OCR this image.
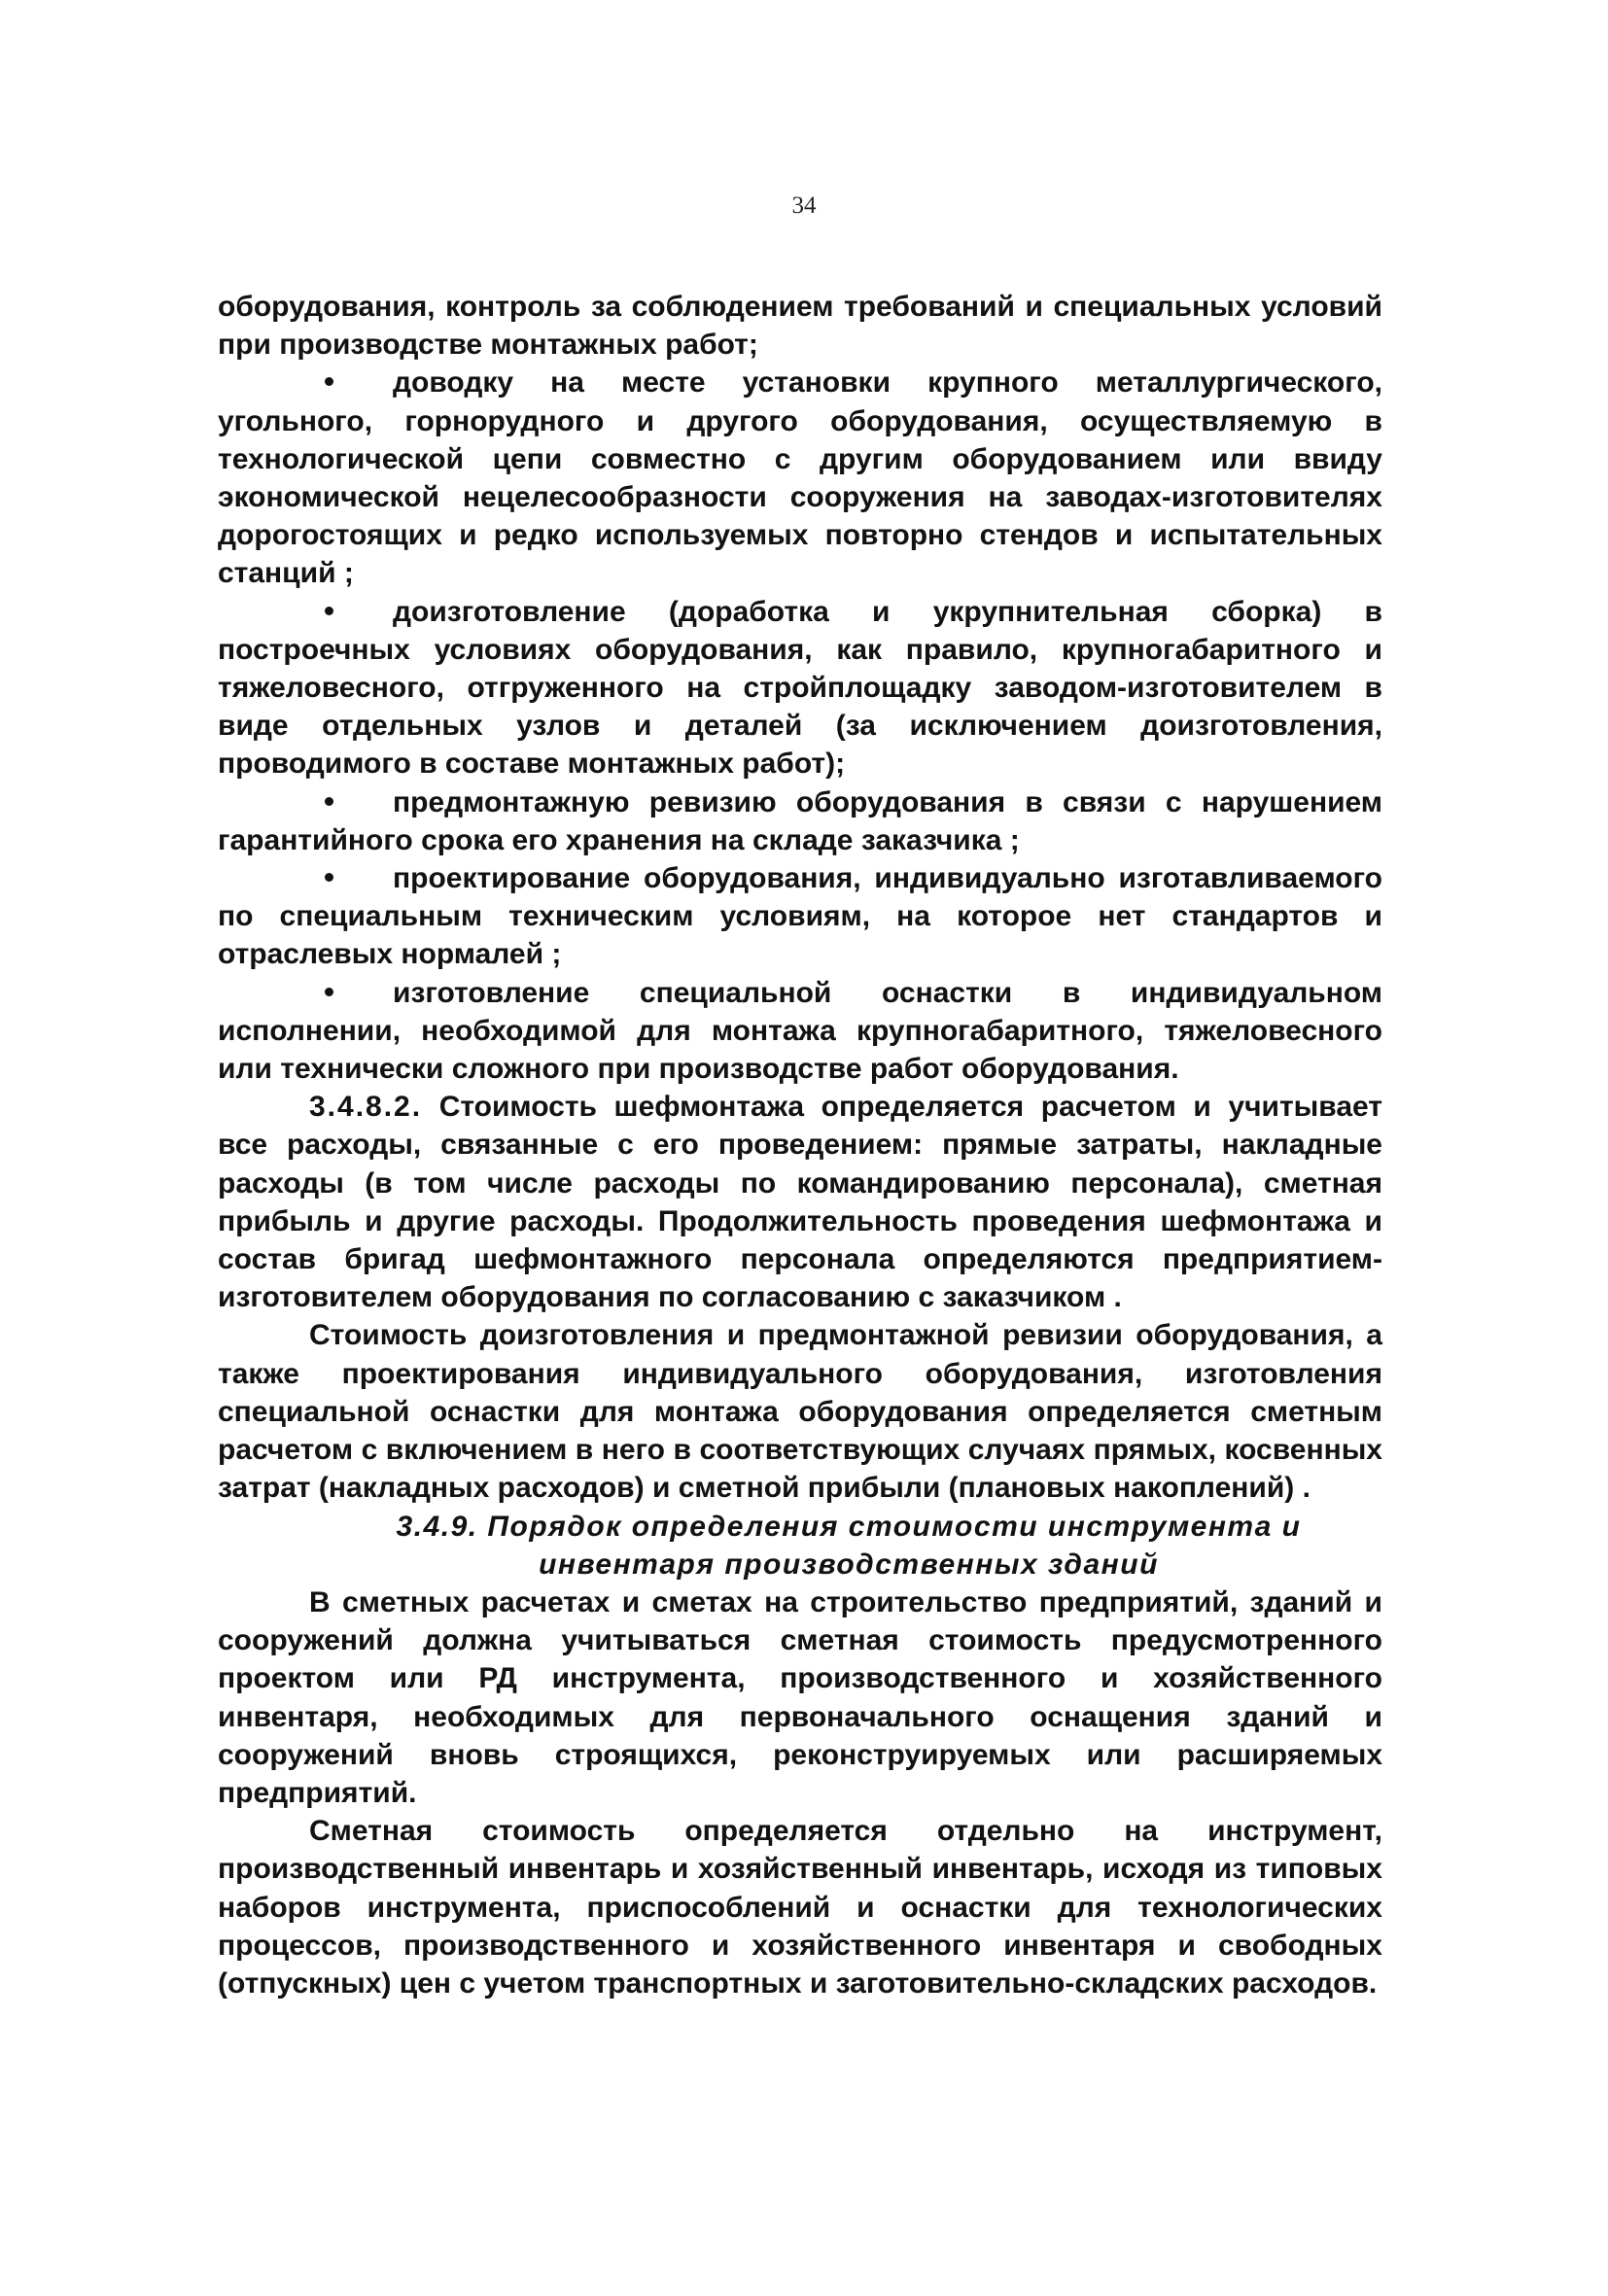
34

оборудования, контроль за соблюдением требований и специальных условий при производстве монтажных работ;

доводку на месте установки крупного металлургического, угольного, горнорудного и другого оборудования, осуществляемую в технологической цепи совместно с другим оборудованием или ввиду экономической нецелесообразности сооружения на заводах-изготовителях дорогостоящих и редко используемых повторно стендов и испытательных станций ;

доизготовление (доработка и укрупнительная сборка) в построечных условиях оборудования, как правило, крупногабаритного и тяжеловесного, отгруженного на стройплощадку заводом-изготовителем в виде отдельных узлов и деталей (за исключением доизготовления, проводимого в составе монтажных работ);

предмонтажную ревизию оборудования в связи с нарушением гарантийного срока его хранения на складе заказчика ;

проектирование оборудования, индивидуально изготавливаемого по специальным техническим условиям, на которое нет стандартов и отраслевых нормалей ;

изготовление специальной оснастки в индивидуальном исполнении, необходимой для монтажа крупногабаритного, тяжеловесного или технически сложного при производстве работ оборудования.

3.4.8.2. Стоимость шефмонтажа определяется расчетом и учитывает все расходы, связанные с его проведением: прямые затраты, накладные расходы (в том числе расходы по командированию персонала), сметная прибыль и другие расходы. Продолжительность проведения шефмонтажа и состав бригад шефмонтажного персонала определяются предприятием-изготовителем оборудования по согласованию с заказчиком .

Стоимость доизготовления и предмонтажной ревизии оборудования, а также проектирования индивидуального оборудования, изготовления специальной оснастки для монтажа оборудования определяется сметным расчетом с включением в него в соответствующих случаях прямых, косвенных затрат (накладных расходов) и сметной прибыли (плановых накоплений) .

3.4.9. Порядок определения стоимости инструмента и
инвентаря производственных зданий

В сметных расчетах и сметах на строительство предприятий, зданий и сооружений должна учитываться сметная стоимость предусмотренного проектом или РД инструмента, производственного и хозяйственного инвентаря, необходимых для первоначального оснащения зданий и сооружений вновь строящихся, реконструируемых или расширяемых предприятий.

Сметная стоимость определяется отдельно на инструмент, производственный инвентарь и хозяйственный инвентарь, исходя из типовых наборов инструмента, приспособлений и оснастки для технологических процессов, производственного и хозяйственного инвентаря и свободных (отпускных) цен с учетом транспортных и заготовительно-складских расходов.
